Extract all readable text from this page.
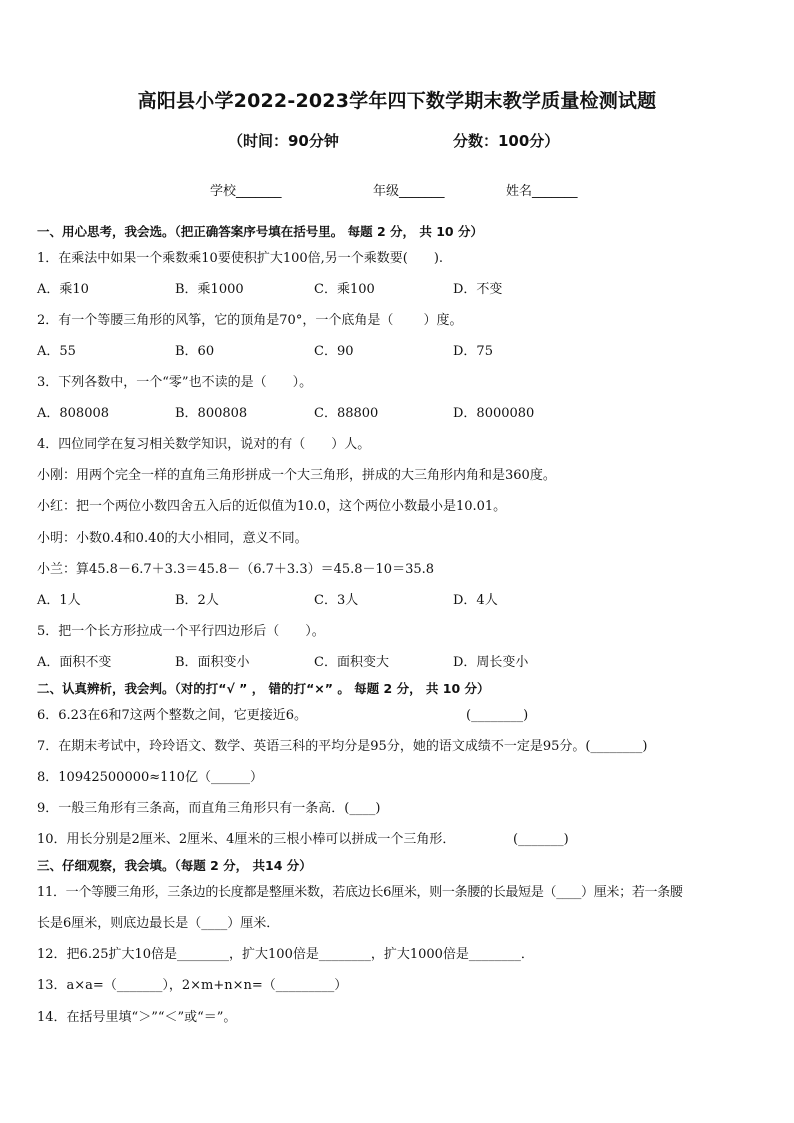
高阳县小学2022-2023学年四下数学期末教学质量检测试题
（时间：90分钟	分数：100分）
学校_______	年级_______	姓名_______
一、用心思考，我会选。（把正确答案序号填在括号里。 每题 2 分， 共 10 分）
1．在乘法中如果一个乘数乘10要使积扩大100倍,另一个乘数要(　　).
A．乘10	B．乘1000	C．乘100	D．不变
2．有一个等腰三角形的风筝，它的顶角是70°，一个底角是（　　 ）度。
A．55	B．60	C．90	D．75
3．下列各数中，一个“零”也不读的是（　　）。
A．808008	B．800808	C．88800	D．8000080
4．四位同学在复习相关数学知识，说对的有（　　）人。
小刚：用两个完全一样的直角三角形拼成一个大三角形，拼成的大三角形内角和是360度。
小红：把一个两位小数四舍五入后的近似值为10.0，这个两位小数最小是10.01。
小明：小数0.4和0.40的大小相同，意义不同。
小兰：算45.8－6.7＋3.3＝45.8－（6.7＋3.3）＝45.8－10＝35.8
A．1人	B．2人	C．3人	D．4人
5．把一个长方形拉成一个平行四边形后（　　）。
A．面积不变	B．面积变小	C．面积变大	D．周长变小
二、认真辨析，我会判。（对的打“√ ” ， 错的打“×” 。 每题 2 分， 共 10 分）
6．6.23在6和7这两个整数之间，它更接近6。	(________)
7．在期末考试中，玲玲语文、数学、英语三科的平均分是95分，她的语文成绩不一定是95分。(________)
8．10942500000≈110亿（______）
9．一般三角形有三条高，而直角三角形只有一条高．(____)
10．用长分别是2厘米、2厘米、4厘米的三根小棒可以拼成一个三角形．	(_______)
三、仔细观察，我会填。（每题 2 分， 共14 分）
11．一个等腰三角形，三条边的长度都是整厘米数，若底边长6厘米，则一条腰的长最短是（____）厘米；若一条腰
长是6厘米，则底边最长是（____）厘米．
12．把6.25扩大10倍是________，扩大100倍是________，扩大1000倍是________．
13．a×a=（_______），2×m+n×n=（_________）
14．在括号里填“＞”“＜”或“＝”。
